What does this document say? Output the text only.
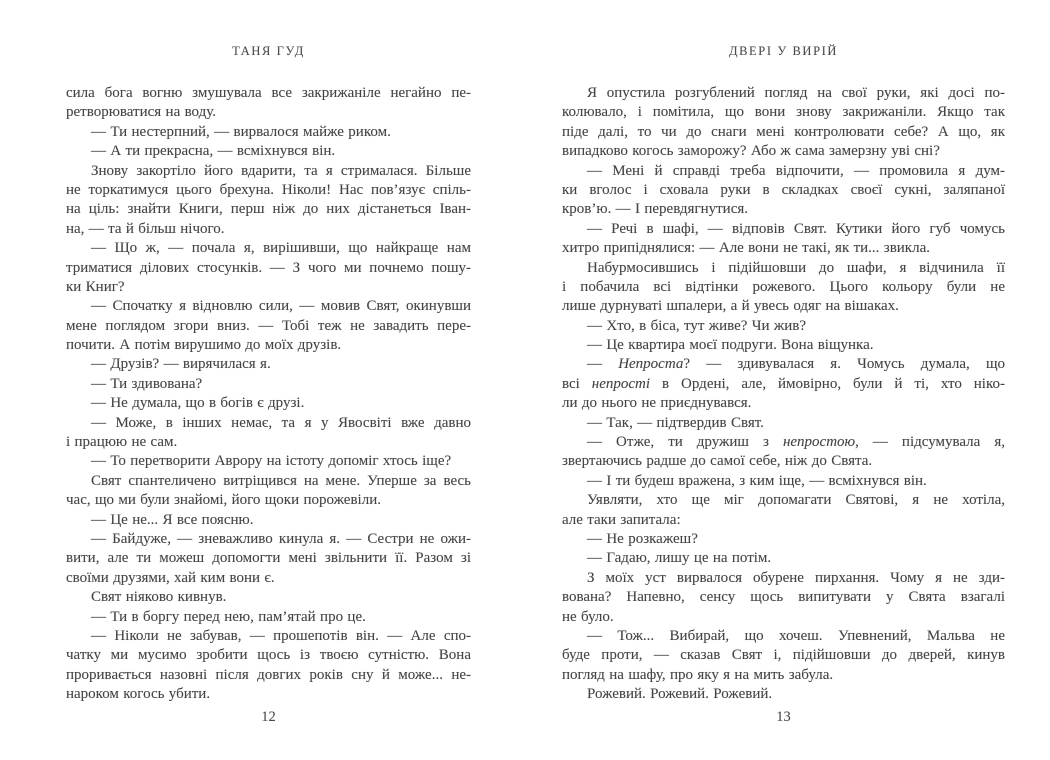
ТАНЯ ГУД	ДВЕРІ У ВИРІЙ
сила бога вогню змушувала все закрижаніле негайно пе-
ретворюватися на воду.
— Ти нестерпний, — вирвалося майже риком.
— А ти прекрасна, — всміхнувся він.
Знову закортіло його вдарити, та я стрималася. Більше
не торкатимуся цього брехуна. Ніколи! Нас пов’язує спіль-
на ціль: знайти Книги, перш ніж до них дістанеться Іван-
на, — та й більш нічого.
— Що ж, — почала я, вирішивши, що найкраще нам
триматися ділових стосунків. — З чого ми почнемо пошу-
ки Книг?
— Спочатку я відновлю сили, — мовив Свят, окинувши
мене поглядом згори вниз. — Тобі теж не завадить пере-
почити. А потім вирушимо до моїх друзів.
— Друзів? — вирячилася я.
— Ти здивована?
— Не думала, що в богів є друзі.
— Може, в інших немає, та я у Явосвіті вже давно
і працюю не сам.
— То перетворити Аврору на істоту допоміг хтось іще?
Свят спантеличено витріщився на мене. Уперше за весь
час, що ми були знайомі, його щоки порожевіли.
— Це не... Я все поясню.
— Байдуже, — зневажливо кинула я. — Сестри не ожи-
вити, але ти можеш допомогти мені звільнити її. Разом зі
своїми друзями, хай ким вони є.
Свят ніяково кивнув.
— Ти в боргу перед нею, пам’ятай про це.
— Ніколи не забував, — прошепотів він. — Але спо-
чатку ми мусимо зробити щось із твоєю сутністю. Вона
проривається назовні після довгих років сну й може... не-
нароком когось убити.
Я опустила розгублений погляд на свої руки, які досі по-
колювало, і помітила, що вони знову закрижаніли. Якщо так
піде далі, то чи до снаги мені контролювати себе? А що, як
випадково когось заморожу? Або ж сама замерзну уві сні?
— Мені й справді треба відпочити, — промовила я дум-
ки вголос і сховала руки в складках своєї сукні, заляпаної
кров’ю. — І перевдягнутися.
— Речі в шафі, — відповів Свят. Кутики його губ чомусь
хитро припіднялися: — Але вони не такі, як ти... звикла.
Набурмосившись і підійшовши до шафи, я відчинила її
і побачила всі відтінки рожевого. Цього кольору були не
лише дурнуваті шпалери, а й увесь одяг на вішаках.
— Хто, в біса, тут живе? Чи жив?
— Це квартира моєї подруги. Вона віщунка.
— Непроста? — здивувалася я. Чомусь думала, що
всі непрості в Ордені, але, ймовірно, були й ті, хто ніко-
ли до нього не приєднувався.
— Так, — підтвердив Свят.
— Отже, ти дружиш з непростою, — підсумувала я,
звертаючись радше до самої себе, ніж до Свята.
— І ти будеш вражена, з ким іще, — всміхнувся він.
Уявляти, хто ще міг допомагати Святові, я не хотіла,
але таки запитала:
— Не розкажеш?
— Гадаю, лишу це на потім.
З моїх уст вирвалося обурене пирхання. Чому я не зди-
вована? Напевно, сенсу щось випитувати у Свята взагалі
не було.
— Тож... Вибирай, що хочеш. Упевнений, Мальва не
буде проти, — сказав Свят і, підійшовши до дверей, кинув
погляд на шафу, про яку я на мить забула.
Рожевий. Рожевий. Рожевий.
12	13
